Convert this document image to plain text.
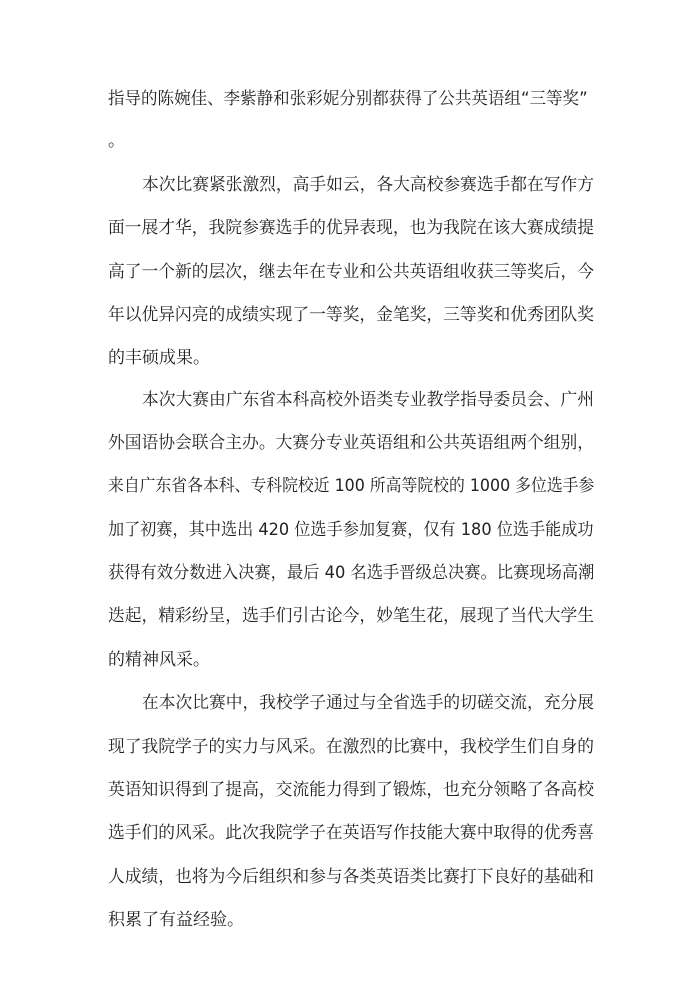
指导的陈婉佳、李紫静和张彩妮分别都获得了公共英语组“三等奖”
。
本次比赛紧张激烈，高手如云，各大高校参赛选手都在写作方
面一展才华，我院参赛选手的优异表现，也为我院在该大赛成绩提
高了一个新的层次，继去年在专业和公共英语组收获三等奖后，今
年以优异闪亮的成绩实现了一等奖，金笔奖，三等奖和优秀团队奖
的丰硕成果。
本次大赛由广东省本科高校外语类专业教学指导委员会、广州
外国语协会联合主办。大赛分专业英语组和公共英语组两个组别，
来自广东省各本科、专科院校近 100 所高等院校的 1000 多位选手参
加了初赛，其中选出 420 位选手参加复赛，仅有 180 位选手能成功
获得有效分数进入决赛，最后 40 名选手晋级总决赛。比赛现场高潮
迭起，精彩纷呈，选手们引古论今，妙笔生花，展现了当代大学生
的精神风采。
在本次比赛中，我校学子通过与全省选手的切磋交流，充分展
现了我院学子的实力与风采。在激烈的比赛中，我校学生们自身的
英语知识得到了提高，交流能力得到了锻炼，也充分领略了各高校
选手们的风采。此次我院学子在英语写作技能大赛中取得的优秀喜
人成绩，也将为今后组织和参与各类英语类比赛打下良好的基础和
积累了有益经验。
